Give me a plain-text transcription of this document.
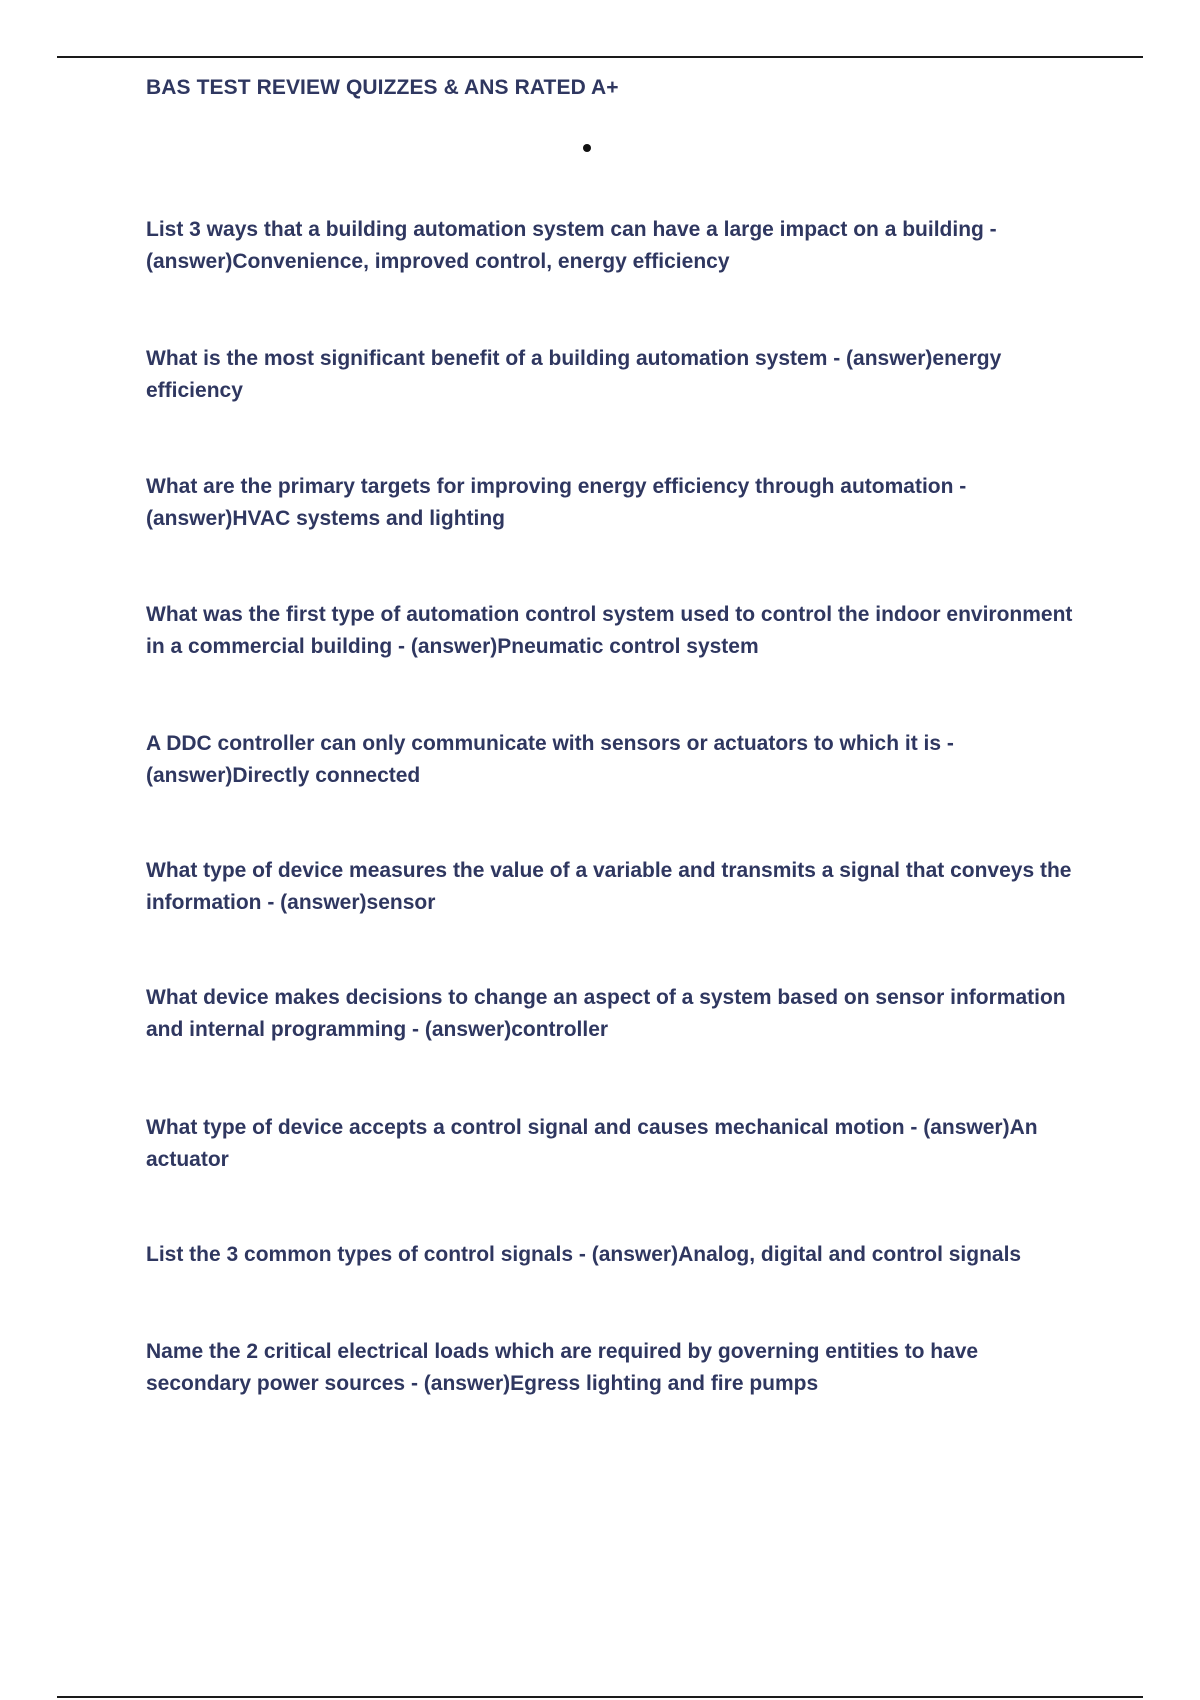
BAS TEST REVIEW QUIZZES & ANS RATED A+
List 3 ways that a building automation system can have a large impact on a building - (answer)Convenience, improved control, energy efficiency
What is the most significant benefit of a building automation system - (answer)energy efficiency
What are the primary targets for improving energy efficiency through automation - (answer)HVAC systems and lighting
What was the first type of automation control system used to control the indoor environment in a commercial building - (answer)Pneumatic control system
A DDC controller can only communicate with sensors or actuators to which it is - (answer)Directly connected
What type of device measures the value of a variable and transmits a signal that conveys the information - (answer)sensor
What device makes decisions to change an aspect of a system based on sensor information and internal programming - (answer)controller
What type of device accepts a control signal and causes mechanical motion - (answer)An actuator
List the 3 common types of control signals - (answer)Analog, digital and control signals
Name the 2 critical electrical loads which are required by governing entities to have secondary power sources - (answer)Egress lighting and fire pumps
